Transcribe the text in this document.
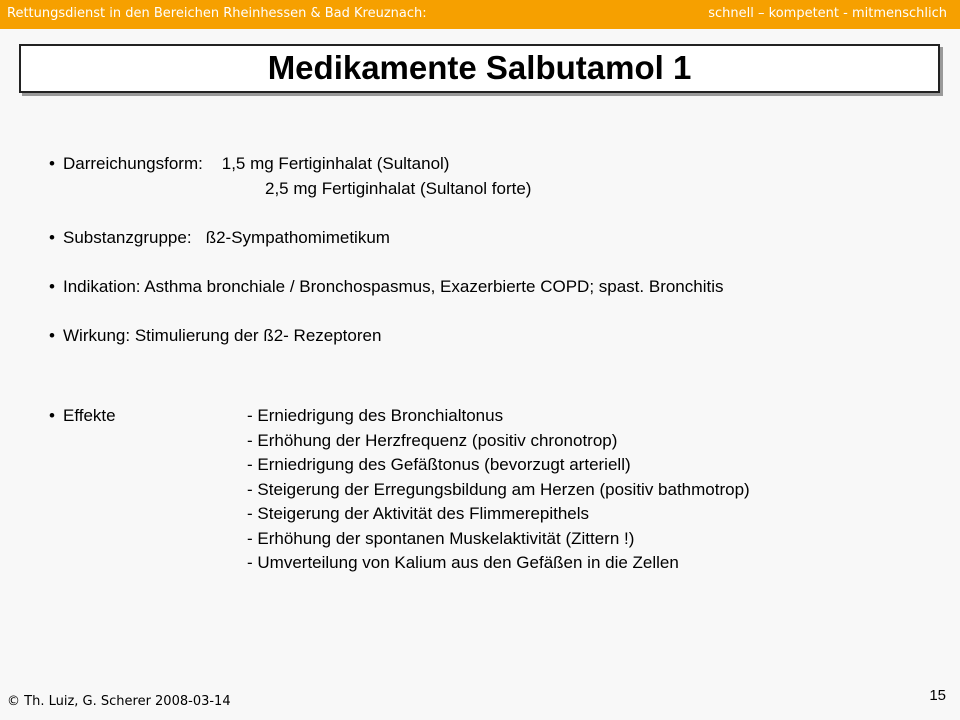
Rettungsdienst in den Bereichen Rheinhessen & Bad Kreuznach:	schnell – kompetent - mitmenschlich
Medikamente Salbutamol 1

• Darreichungsform: 1,5 mg Fertiginhalat (Sultanol)

2,5 mg Fertiginhalat (Sultanol forte)

• Substanzgruppe: ß2-Sympathomimetikum

• Indikation: Asthma bronchiale / Bronchospasmus, Exazerbierte COPD; spast. Bronchitis

• Wirkung: Stimulierung der ß2- Rezeptoren

• Effekte	- Erniedrigung des Bronchialtonus
- Erhöhung der Herzfrequenz (positiv chronotrop)
- Erniedrigung des Gefäßtonus (bevorzugt arteriell)
- Steigerung der Erregungsbildung am Herzen (positiv bathmotrop)
- Steigerung der Aktivität des Flimmerepithels
- Erhöhung der spontanen Muskelaktivität (Zittern !)
- Umverteilung von Kalium aus den Gefäßen in die Zellen
© Th. Luiz, G. Scherer 2008-03-14	15
